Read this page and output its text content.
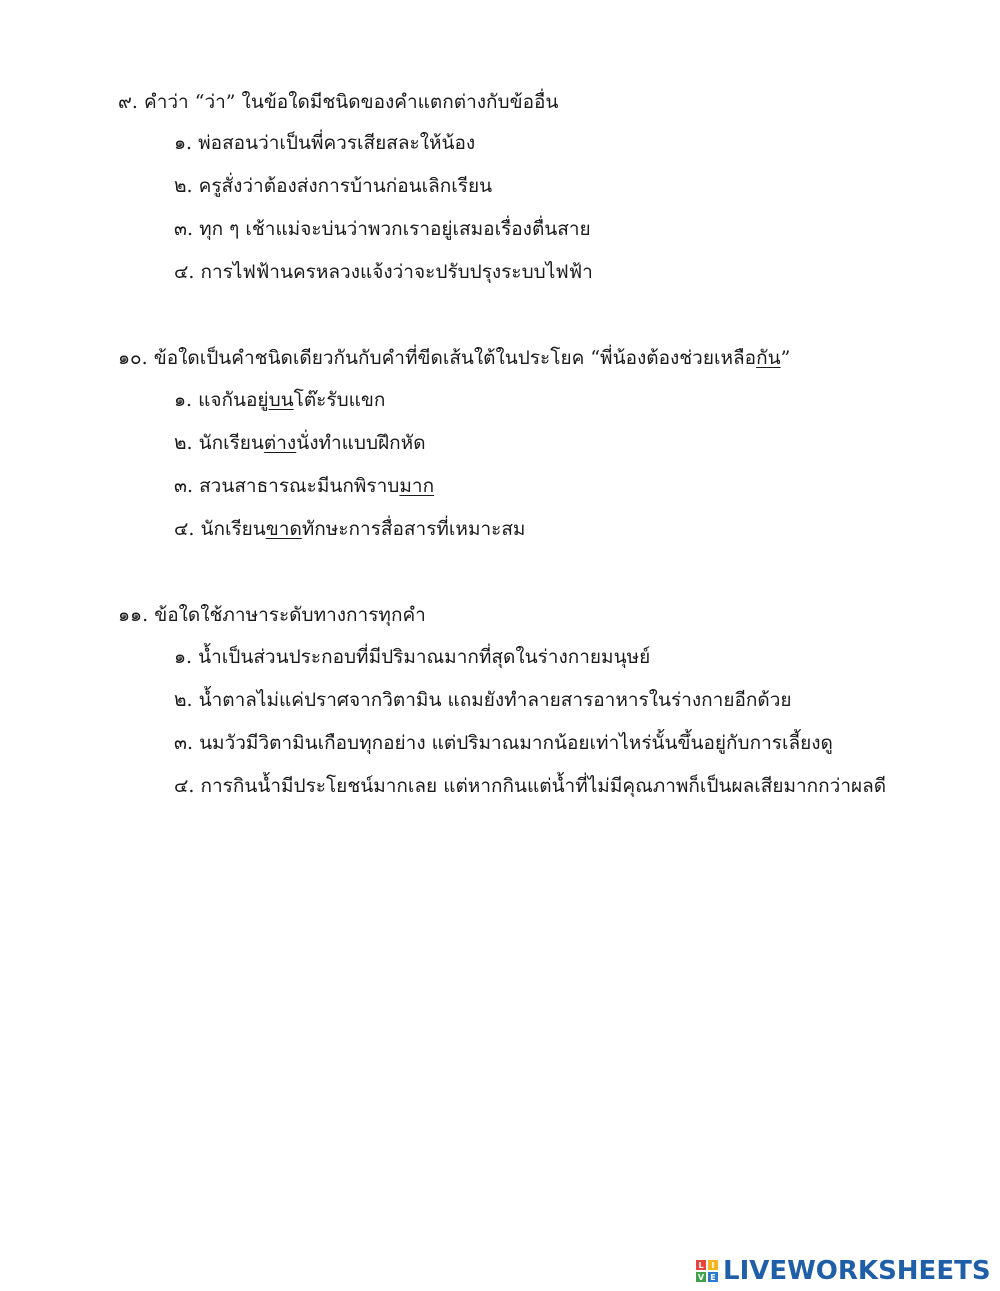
๙. คำว่า “ว่า” ในข้อใดมีชนิดของคำแตกต่างกับข้ออื่น
๑. พ่อสอนว่าเป็นพี่ควรเสียสละให้น้อง
๒. ครูสั่งว่าต้องส่งการบ้านก่อนเลิกเรียน
๓. ทุก ๆ เช้าแม่จะบ่นว่าพวกเราอยู่เสมอเรื่องตื่นสาย
๔. การไฟฟ้านครหลวงแจ้งว่าจะปรับปรุงระบบไฟฟ้า
๑๐. ข้อใดเป็นคำชนิดเดียวกันกับคำที่ขีดเส้นใต้ในประโยค “พี่น้องต้องช่วยเหลือกัน”
๑. แจกันอยู่บนโต๊ะรับแขก
๒. นักเรียนต่างนั่งทำแบบฝึกหัด
๓. สวนสาธารณะมีนกพิราบมาก
๔. นักเรียนขาดทักษะการสื่อสารที่เหมาะสม
๑๑. ข้อใดใช้ภาษาระดับทางการทุกคำ
๑. น้ำเป็นส่วนประกอบที่มีปริมาณมากที่สุดในร่างกายมนุษย์
๒. น้ำตาลไม่แค่ปราศจากวิตามิน แถมยังทำลายสารอาหารในร่างกายอีกด้วย
๓. นมวัวมีวิตามินเกือบทุกอย่าง แต่ปริมาณมากน้อยเท่าไหร่นั้นขึ้นอยู่กับการเลี้ยงดู
๔. การกินน้ำมีประโยชน์มากเลย แต่หากกินแต่น้ำที่ไม่มีคุณภาพก็เป็นผลเสียมากกว่าผลดี
L I
V E LIVEWORKSHEETS
